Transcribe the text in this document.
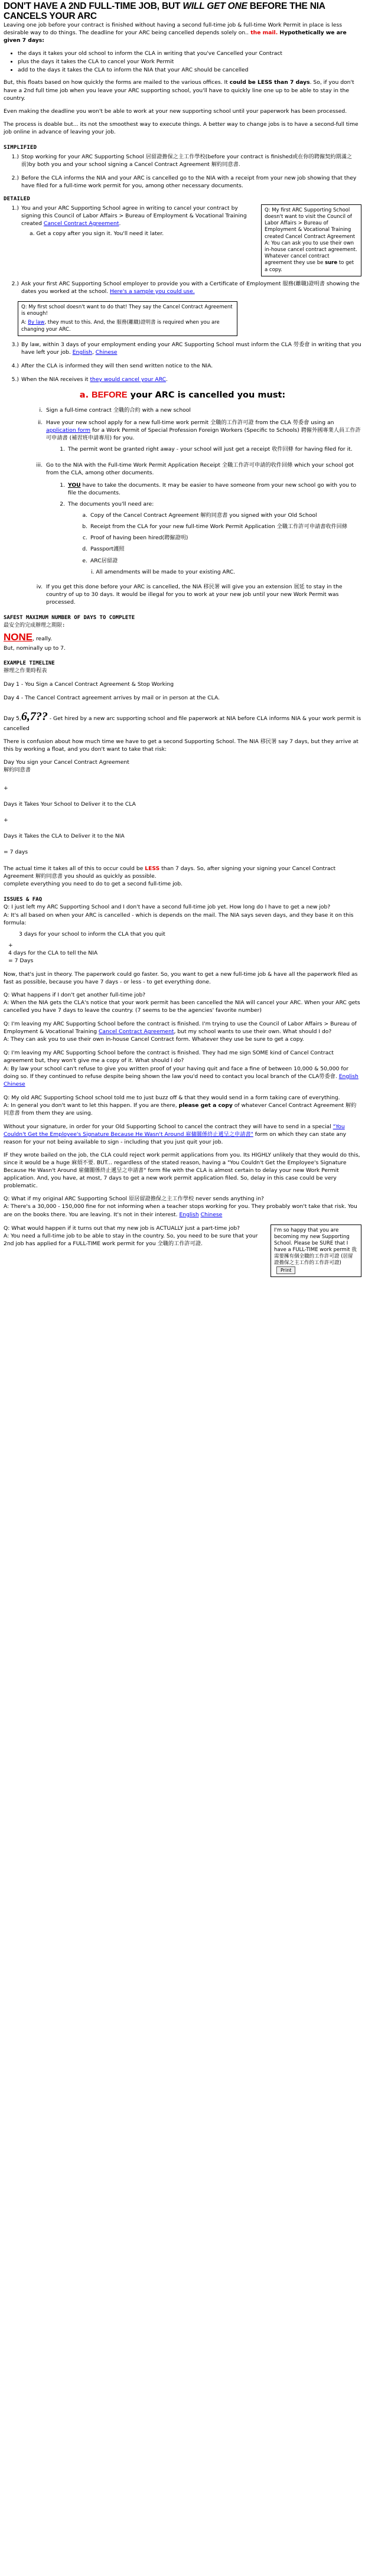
DON'T HAVE A 2ND FULL-TIME JOB, BUT WILL GET ONE BEFORE THE NIA CANCELS YOUR ARC

Leaving one job before your contract is finished without having a second full-time job & full-time Work Permit in place is less desirable way to do things. The deadline for your ARC being cancelled depends solely on.. the mail. Hypothetically we are given 7 days:

• the days it takes your old school to inform the CLA in writing that you've Cancelled your Contract
• plus the days it takes the CLA to cancel your Work Permit
• add to the days it takes the CLA to inform the NIA that your ARC should be cancelled

But, this floats based on how quickly the forms are mailed to the various offices. It could be LESS than 7 days. So, if you don't have a 2nd full time job when you leave your ARC supporting school, you'll have to quickly line one up to be able to stay in the country.

Even making the deadline you won't be able to work at your new supporting school until your paperwork has been processed.

The process is doable but... its not the smoothest way to execute things. A better way to change jobs is to have a second-full time job online in advance of leaving your job.

SIMPLIFIED
1.) Stop working for your ARC Supporting School 居留證擔保之主工作學校(before your contract is finished或在你的聘僱契約期滿之前)by both you and your school signing a Cancel Contract Agreement 解約同意書.
2.) Before the CLA informs the NIA and your ARC is cancelled go to the NIA with a receipt from your new job showing that they have filed for a full-time work permit for you, among other necessary documents.
DETAILED
Q: My first ARC Supporting School doesn't want to visit the Council of Labor Affairs > Bureau of Employment & Vocational Training created Cancel Contract Agreement
A: You can ask you to use their own in-house cancel contract agreement. Whatever cancel contract agreement they use be sure to get a copy.
1.) You and your ARC Supporting School agree in writing to cancel your contract by signing this Council of Labor Affairs > Bureau of Employment & Vocational Training created Cancel Contract Agreement.
a. Get a copy after you sign it. You'll need it later.
2.) Ask your first ARC Supporting School employer to provide you with a Certificate of Employment 服務(離職)證明書 showing the dates you worked at the school. Here's a sample you could use.
Q: My first school doesn't want to do that! They say the Cancel Contract Agreement is enough!
A: By law, they must to this. And, the 服務(離職)證明書 is required when you are changing your ARC.
3.) By law, within 3 days of your employment ending your ARC Supporting School must inform the CLA 勞委會 in writing that you have left your job. English, Chinese
4.) After the CLA is informed they will then send written notice to the NIA.
5.) When the NIA receives it they would cancel your ARC.
a. BEFORE your ARC is cancelled you must:
i. Sign a full-time contract 全職的合約 with a new school
ii. Have your new school apply for a new full-time work permit 全職的工作許可證 from the CLA 勞委會 using an application form for a Work Permit of Special Profession Foreign Workers (Specific to Schools) 聘僱外國專業人員工作許可申請書 (補習班申請專用) for you.
1. The permit wont be granted right away - your school will just get a receipt 收件回條 for having filed for it.
iii. Go to the NIA with the Full-time Work Permit Application Receipt 全職工作許可申請的收件回條 which your school got from the CLA, among other documents.
1. YOU have to take the documents. It may be easier to have someone from your new school go with you to file the documents.
2. The documents you'll need are:
a. Copy of the Cancel Contract Agreement 解約同意書 you signed with your Old School
b. Receipt from the CLA for your new full-time Work Permit Application 全職工作許可申請書收件回條
c. Proof of having been hired(聘僱證明)
d. Passport護照
e. ARC居留證
i. All amendments will be made to your existing ARC.
iv. If you get this done before your ARC is cancelled, the NIA 移民署 will give you an extension 展延 to stay in the country of up to 30 days. It would be illegal for you to work at your new job until your new Work Permit was processed.
SAFEST MAXIMUM NUMBER OF DAYS TO COMPLETE
最安全的完成辦理之期限:
NONE, really.

But, nominally up to 7.

EXAMPLE TIMELINE
辦理之作業時程表

Day 1 - You Sign a Cancel Contract Agreement & Stop Working

Day 4 - The Cancel Contract agreement arrives by mail or in person at the CLA.

Day 5,6,7?? - Get hired by a new arc supporting school and file paperwork at NIA before CLA informs NIA & your work permit is cancelled

There is confusion about how much time we have to get a second Supporting School. The NIA 移民署 say 7 days, but they arrive at this by working a float, and you don't want to take that risk:

Day You sign your Cancel Contract Agreement
解約同意書

+

Days it Takes Your School to Deliver it to the CLA

+

Days it Takes the CLA to Deliver it to the NIA

= 7 days

The actual time it takes all of this to occur could be LESS than 7 days. So, after signing your signing your Cancel Contract Agreement 解約同意書 you should as quickly as possible.

complete everything you need to do to get a second full-time job.

ISSUES & FAQ
Q: I just left my ARC Supporting School and I don't have a second full-time job yet. How long do I have to get a new job?
A: It's all based on when your ARC is cancelled - which is depends on the mail. The NIA says seven days, and they base it on this formula:
3 days for your school to inform the CLA that you quit
+
4 days for the CLA to tell the NIA
= 7 Days

Now, that's just in theory. The paperwork could go faster. So, you want to get a new full-time job & have all the paperwork filed as fast as possible, because you have 7 days - or less - to get everything done.

Q: What happens if I don't get another full-time job?
A: When the NIA gets the CLA's notice that your work permit has been cancelled the NIA will cancel your ARC. When your ARC gets cancelled you have 7 days to leave the country. (7 seems to be the agencies' favorite number)
Q: I'm leaving my ARC Supporting School before the contract is finished. I'm trying to use the Council of Labor Affairs > Bureau of Employment & Vocational Training Cancel Contract Agreement, but my school wants to use their own. What should I do?
A: They can ask you to use their own in-house Cancel Contract form. Whatever they use be sure to get a copy.
Q: I'm leaving my ARC Supporting School before the contract is finished. They had me sign SOME kind of Cancel Contract agreement but, they won't give me a copy of it. What should I do?
A: By law your school can't refuse to give you written proof of your having quit and face a fine of between 10,000 & 50,000 for doing so. If they continued to refuse despite being shown the law you'd need to contact you local branch of the CLA勞委會. English Chinese
Q: My old ARC Supporting School school told me to just buzz off & that they would send in a form taking care of everything.
A: In general you don't want to let this happen. If you are there, please get a copy of whatever Cancel Contract Agreement 解約同意書 from them they are using.

Without your signature, in order for your Old Supporting School to cancel the contract they will have to send in a special "You Couldn't Get the Employee's Signature Because He Wasn't Around 雇傭關係終止遞呈之申請書" form on which they can state any reason for your not being available to sign - including that you just quit your job.

IF they wrote bailed on the job, the CLA could reject work permit applications from you. Its HIGHLY unlikely that they would do this, since it would be a huge 麻煩不要. BUT... regardless of the stated reason, having a "You Couldn't Get the Employee's Signature Because He Wasn't Around 雇傭關係終止遞呈之申請書" form file with the CLA is almost certain to delay your new Work Permit application. And, you have, at most, 7 days to get a new work permit application filed. So, delay in this case could be very problematic.

Q: What if my original ARC Supporting School 原居留證擔保之主工作學校 never sends anything in?
A: There's a 30,000 - 150,000 fine for not informing when a teacher stops working for you. They probably won't take that risk. You are on the books there. You are leaving. It's not in their interest. English Chinese
I'm so happy that you are becoming my new Supporting School. Please be SURE that I have a FULL-TIME work permit 我需要擁有個全職的工作許可證 (居留證擔保之主工作的工作許可證) Print
Q: What would happen if it turns out that my new job is ACTUALLY just a part-time job?
A: You need a full-time job to be able to stay in the country. So, you need to be sure that your 2nd job has applied for a FULL-TIME work permit for you 全職的工作許可證.
